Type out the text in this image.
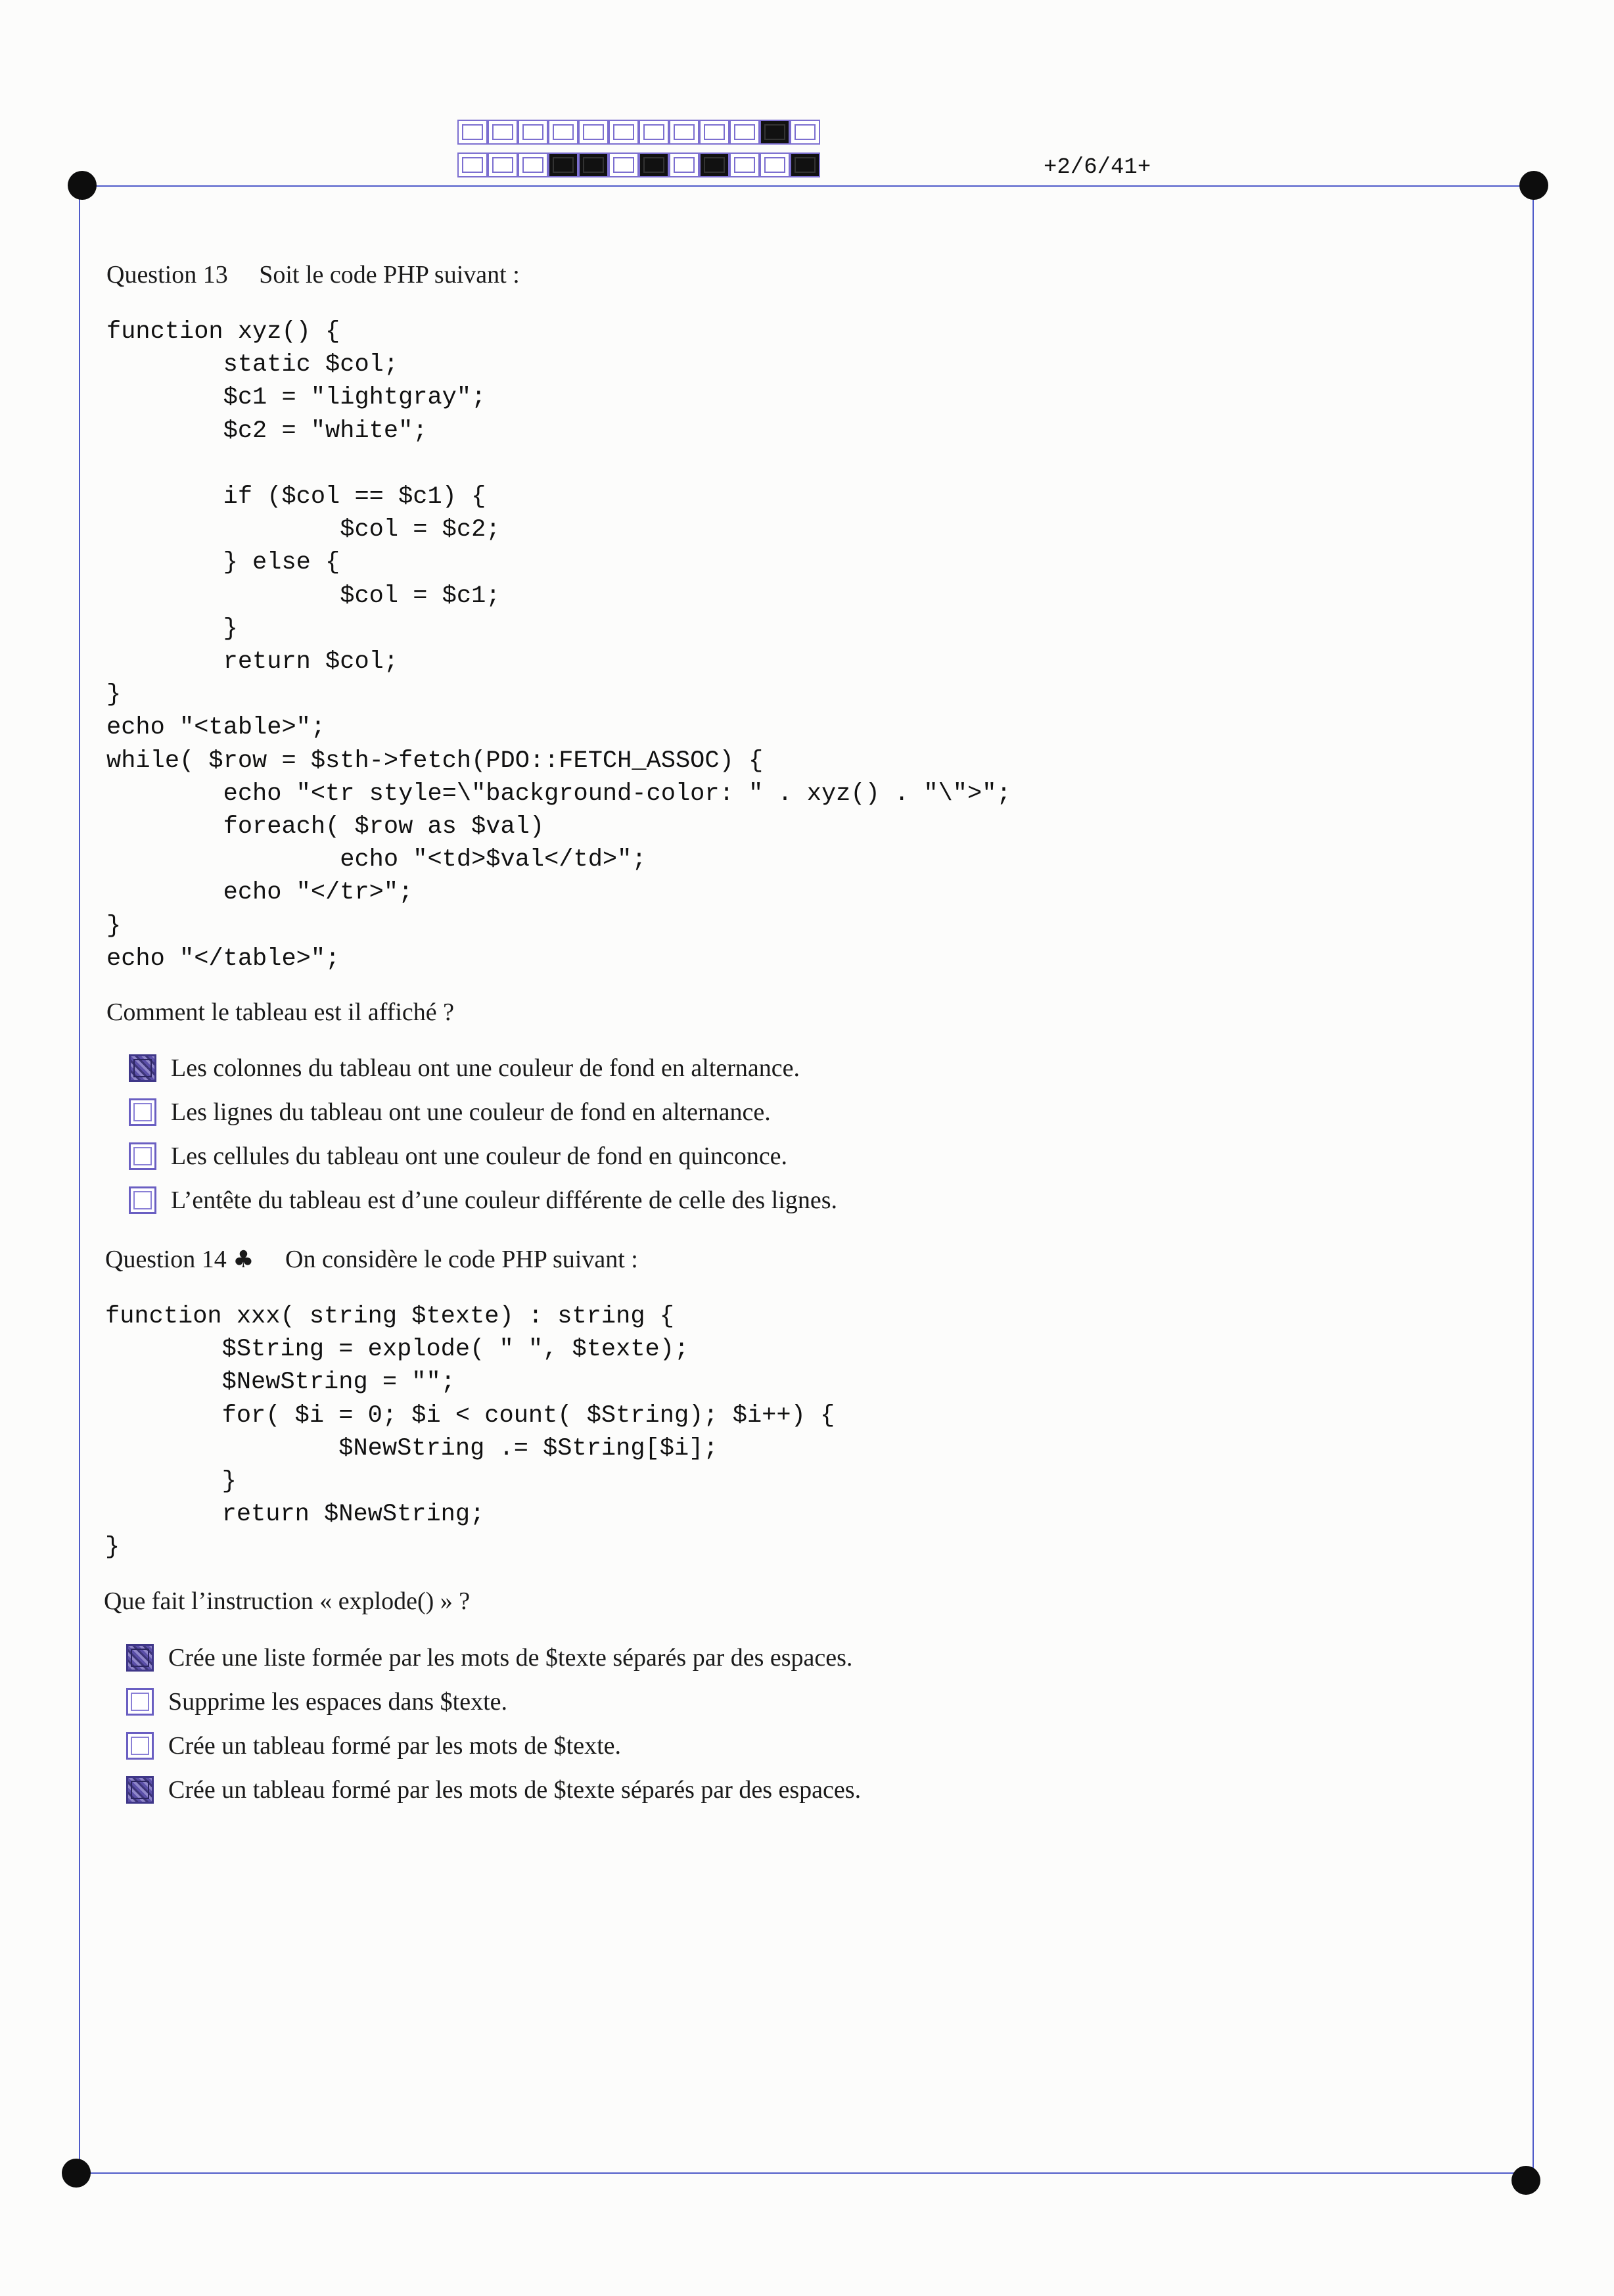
+2/6/41+
Question 13 Soit le code PHP suivant :
function xyz() {
static $col;
$c1 = "lightgray";
$c2 = "white";

if ($col == $c1) {
$col = $c2;
} else {
$col = $c1;
}
return $col;
}
echo "<table>";
while( $row = $sth->fetch(PDO::FETCH_ASSOC) {
echo "<tr style=\"background-color: " . xyz() . "\">";
foreach( $row as $val)
echo "<td>$val</td>";
echo "</tr>";
}
echo "</table>";
Comment le tableau est il affiché ?
Les colonnes du tableau ont une couleur de fond en alternance.
Les lignes du tableau ont une couleur de fond en alternance.
Les cellules du tableau ont une couleur de fond en quinconce.
L’entête du tableau est d’une couleur différente de celle des lignes.
Question 14 ♣ On considère le code PHP suivant :
function xxx( string $texte) : string {
$String = explode( " ", $texte);
$NewString = "";
for( $i = 0; $i < count( $String); $i++) {
$NewString .= $String[$i];
}
return $NewString;
}
Que fait l’instruction « explode() » ?
Crée une liste formée par les mots de $texte séparés par des espaces.
Supprime les espaces dans $texte.
Crée un tableau formé par les mots de $texte.
Crée un tableau formé par les mots de $texte séparés par des espaces.
